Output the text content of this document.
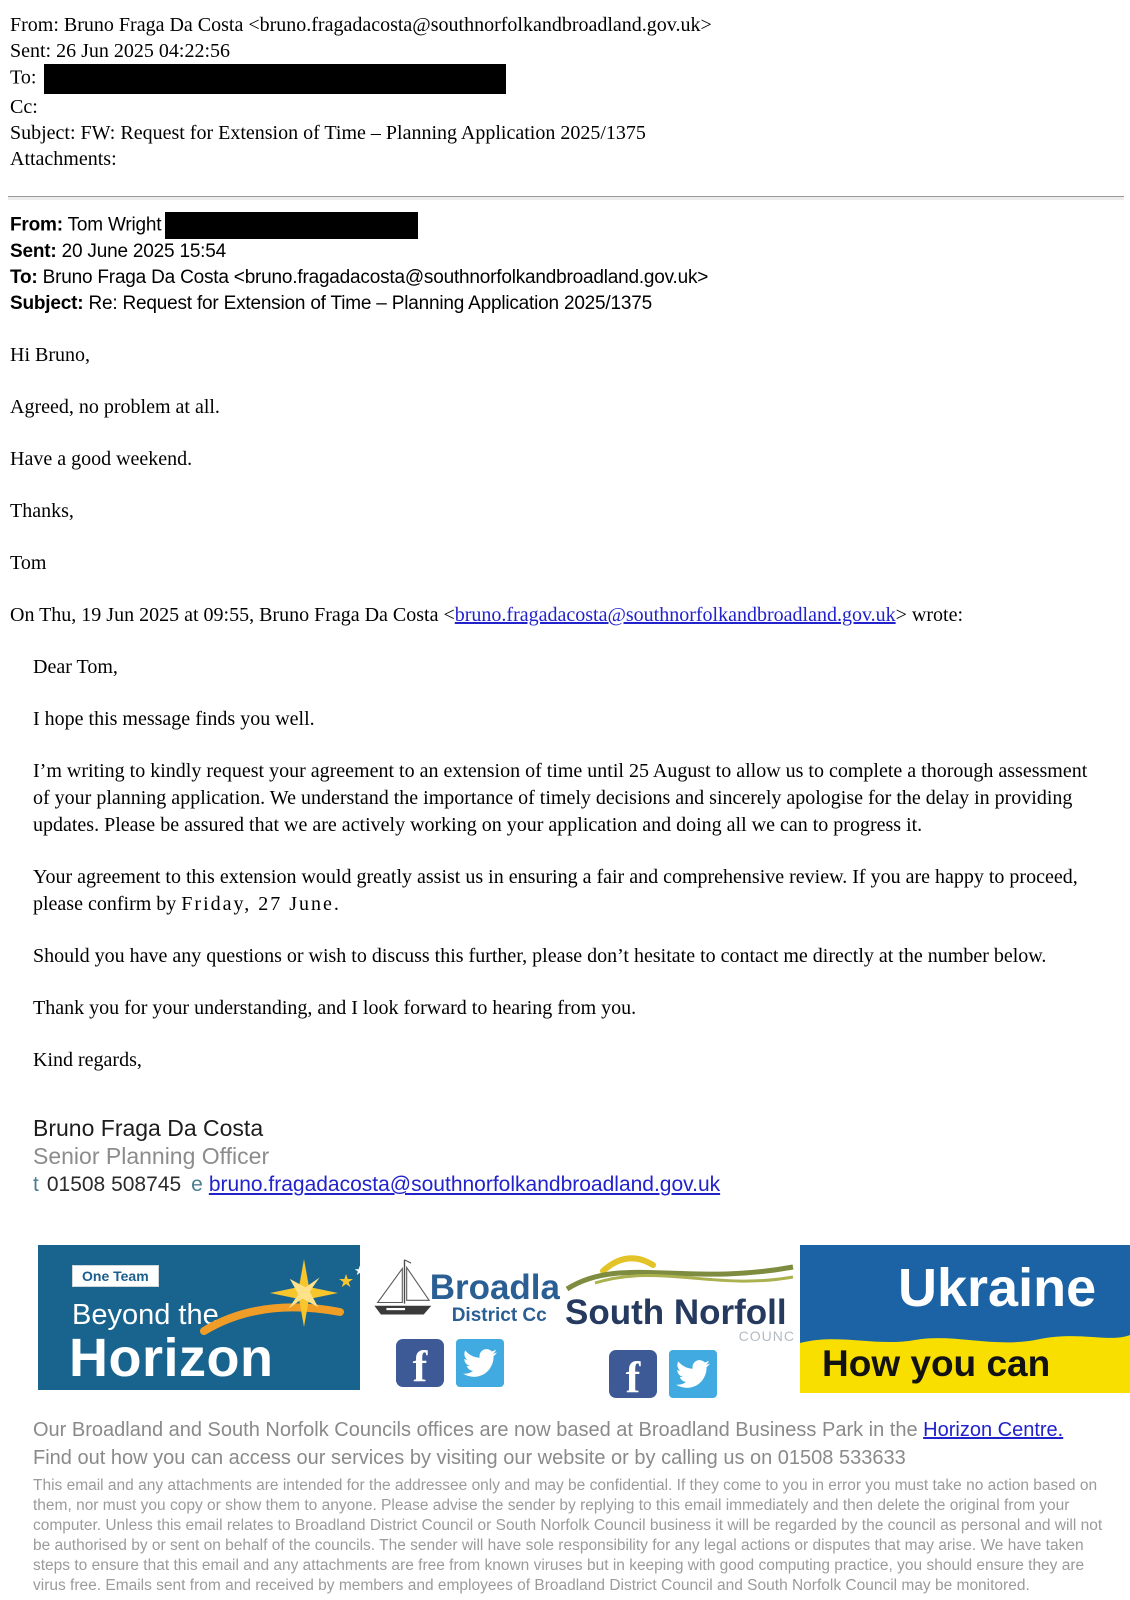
From: Bruno Fraga Da Costa <bruno.fragadacosta@southnorfolkandbroadland.gov.uk>
Sent: 26 Jun 2025 04:22:56
To:
Cc:
Subject: FW: Request for Extension of Time – Planning Application 2025/1375
Attachments:
From: Tom Wright
Sent: 20 June 2025 15:54
To: Bruno Fraga Da Costa <bruno.fragadacosta@southnorfolkandbroadland.gov.uk>
Subject: Re: Request for Extension of Time – Planning Application 2025/1375
Hi Bruno,
Agreed, no problem at all.
Have a good weekend.
Thanks,
Tom
On Thu, 19 Jun 2025 at 09:55, Bruno Fraga Da Costa <bruno.fragadacosta@southnorfolkandbroadland.gov.uk> wrote:
Dear Tom,
I hope this message finds you well.
I’m writing to kindly request your agreement to an extension of time until 25 August to allow us to complete a thorough assessment of your planning application. We understand the importance of timely decisions and sincerely apologise for the delay in providing updates. Please be assured that we are actively working on your application and doing all we can to progress it.
Your agreement to this extension would greatly assist us in ensuring a fair and comprehensive review. If you are happy to proceed, please confirm by Friday, 27 June.
Should you have any questions or wish to discuss this further, please don’t hesitate to contact me directly at the number below.
Thank you for your understanding, and I look forward to hearing from you.
Kind regards,
Bruno Fraga Da Costa
Senior Planning Officer
t 01508 508745 e bruno.fragadacosta@southnorfolkandbroadland.gov.uk
One Team
Beyond the
Horizon
★
★ Broadla
District Cc
f
South Norfoll
COUNC
f
Ukraine
How you can
Our Broadland and South Norfolk Councils offices are now based at Broadland Business Park in the Horizon Centre. Find out how you can access our services by visiting our website or by calling us on 01508 533633
This email and any attachments are intended for the addressee only and may be confidential. If they come to you in error you must take no action based on them, nor must you copy or show them to anyone. Please advise the sender by replying to this email immediately and then delete the original from your computer. Unless this email relates to Broadland District Council or South Norfolk Council business it will be regarded by the council as personal and will not be authorised by or sent on behalf of the councils. The sender will have sole responsibility for any legal actions or disputes that may arise. We have taken steps to ensure that this email and any attachments are free from known viruses but in keeping with good computing practice, you should ensure they are virus free. Emails sent from and received by members and employees of Broadland District Council and South Norfolk Council may be monitored.
